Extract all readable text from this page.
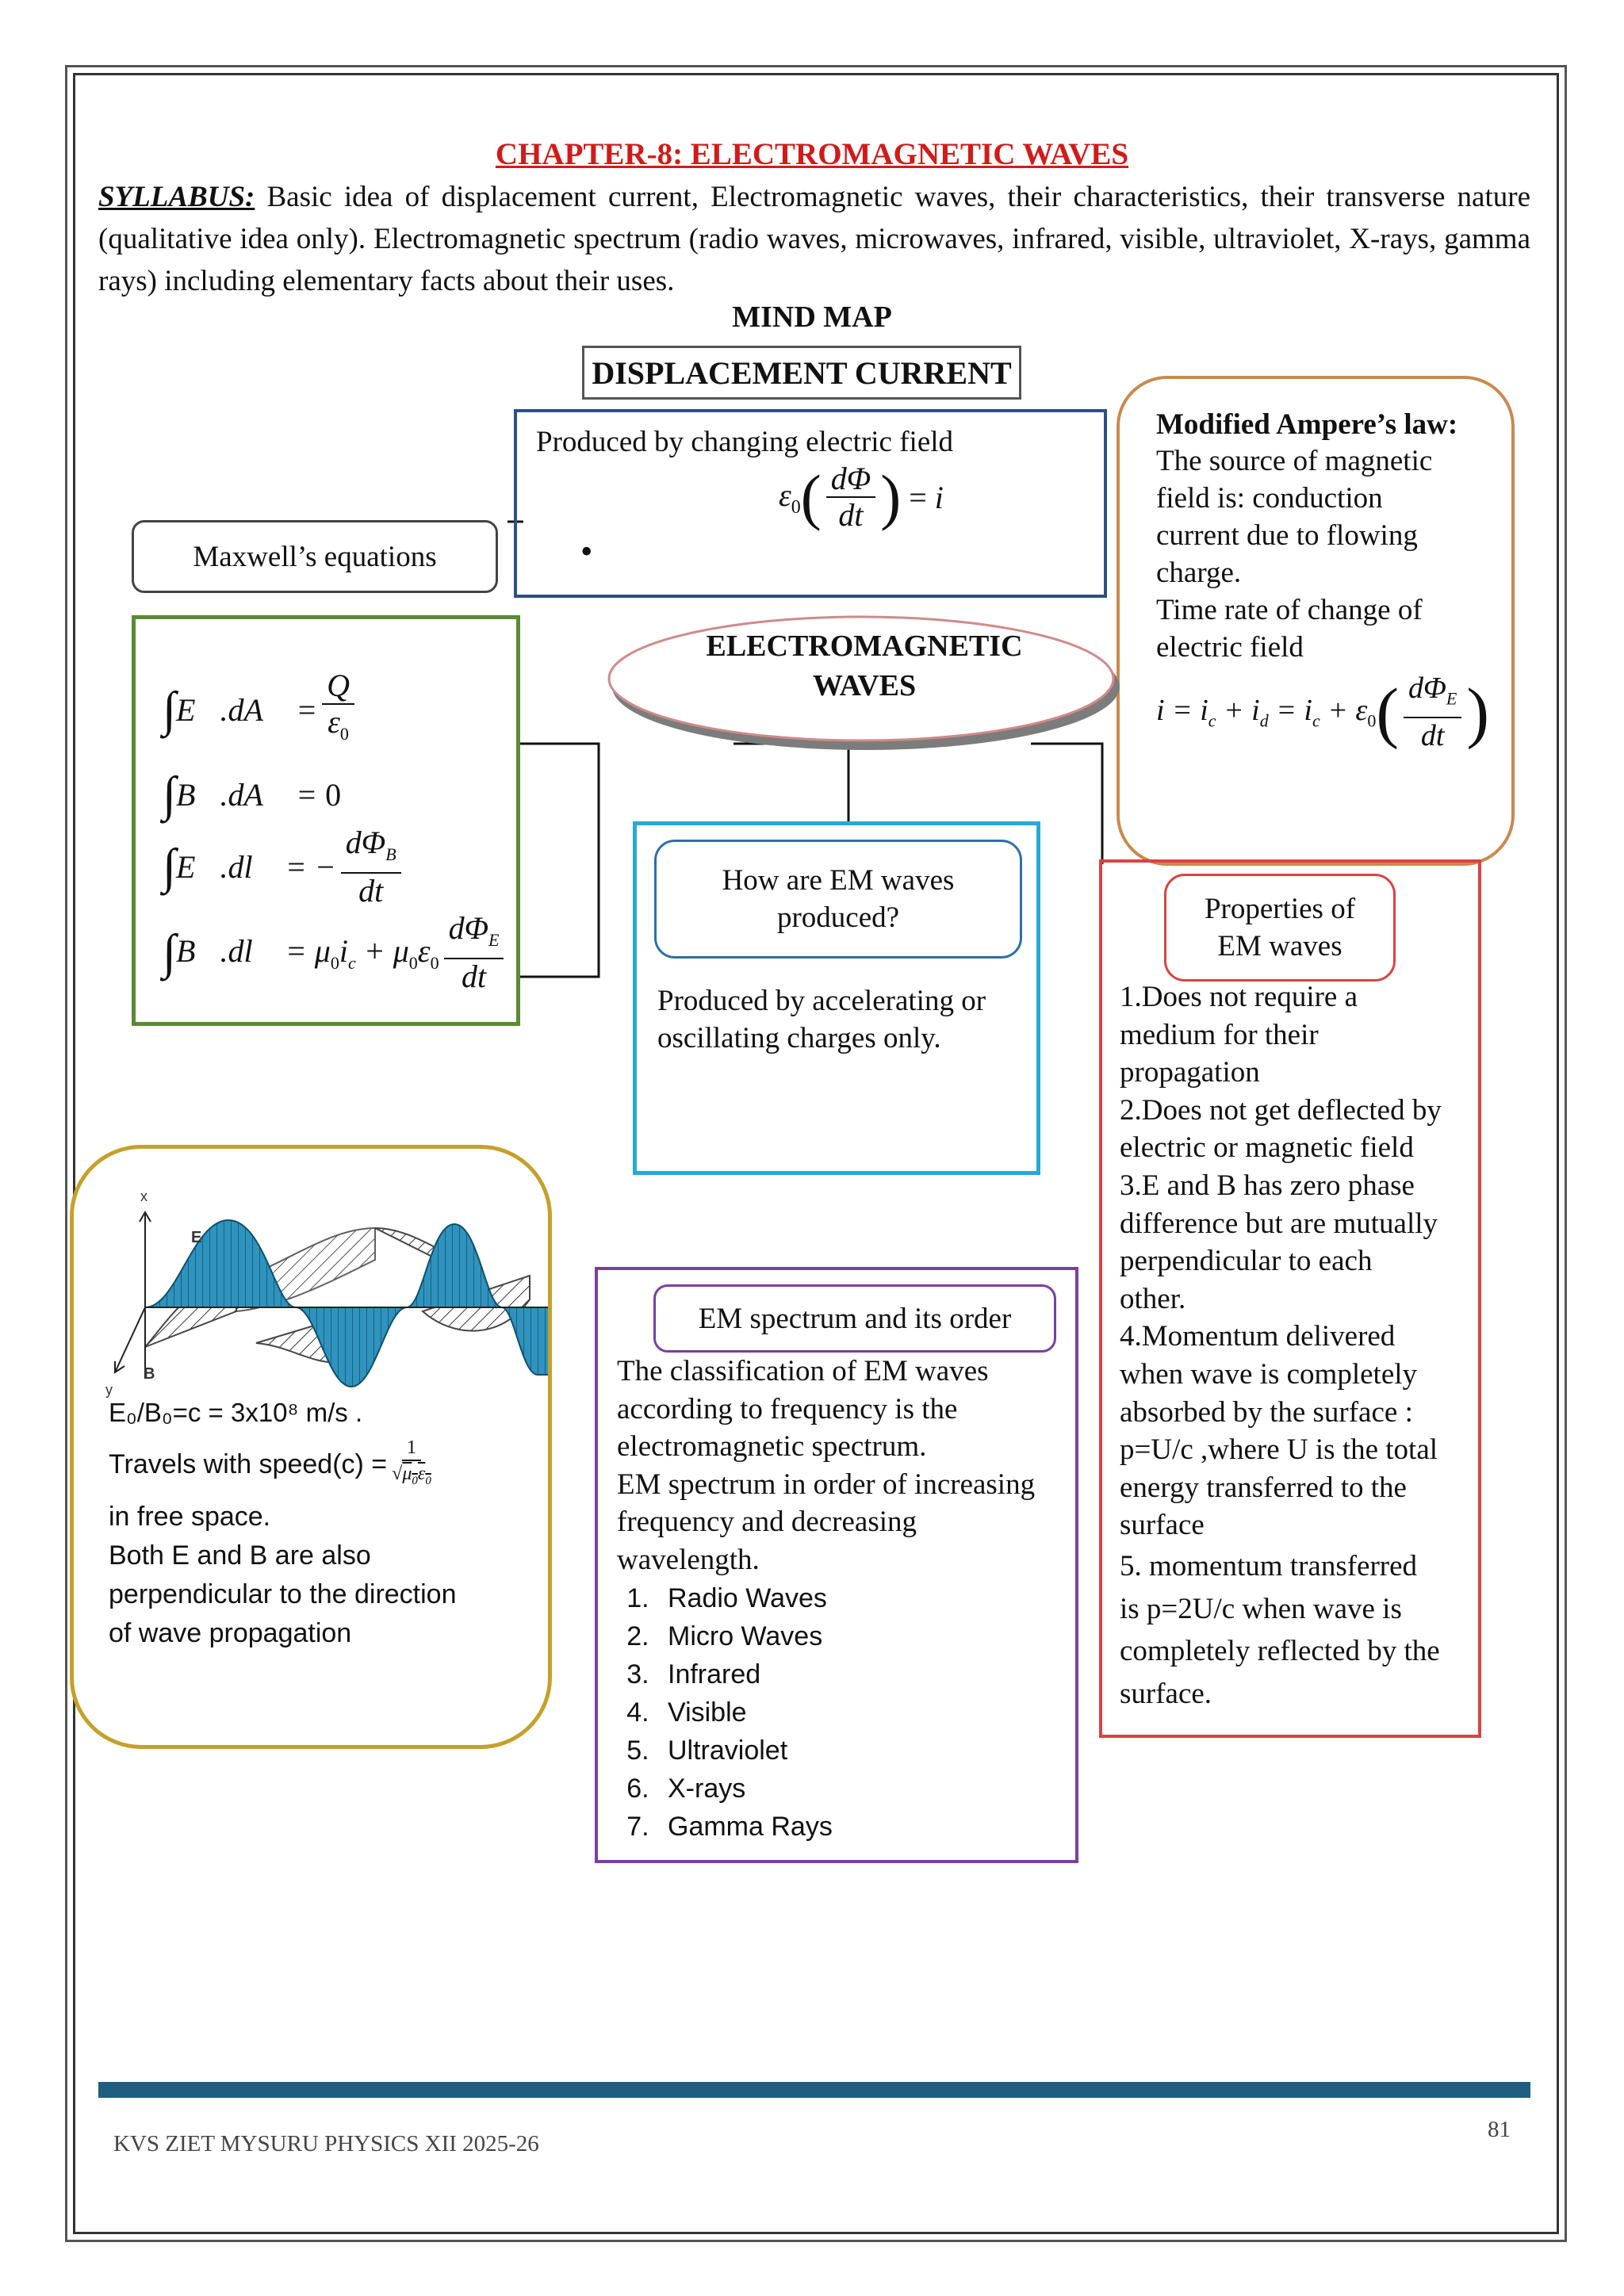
CHAPTER-8: ELECTROMAGNETIC WAVES
SYLLABUS: Basic idea of displacement current, Electromagnetic waves, their characteristics, their transverse nature (qualitative idea only). Electromagnetic spectrum (radio waves, microwaves, infrared, visible, ultraviolet, X-rays, gamma rays) including elementary facts about their uses.
MIND MAP
DISPLACEMENT CURRENT
Produced by changing electric field
$\varepsilon_0$ ( $\frac{d\Phi}{dt}$ ) = i
•
Modified Ampere’s law:
The source of magnetic
field is: conduction
current due to flowing
charge.
Time rate of change of
electric field
$i = i_c + i_d = i_c + \varepsilon_0$ ( $\frac{d\Phi_E}{dt}$ )
Maxwell’s equations
∫ E⃗.dA⃗ = $\frac{Q}{\varepsilon_0}$
∫ B⃗.dA⃗ = 0
∫ E⃗.dl⃗ = − $\frac{d\Phi_B}{dt}$
∫ B⃗.dl⃗ = $\mu_0i_c + \mu_0\varepsilon_0 \frac{d\Phi_E}{dt}$
ELECTROMAGNETIC
WAVES
How are EM waves
produced?
Produced by accelerating or
oscillating charges only.
Properties of
EM waves
1.Does not require a
medium for their
propagation
2.Does not get deflected by
electric or magnetic field
3.E and B has zero phase
difference but are mutually
perpendicular to each
other.
4.Momentum delivered
when wave is completely
absorbed by the surface :
p=U/c ,where U is the total
energy transferred to the
surface
5. momentum transferred
is p=2U/c when wave is
completely reflected by the
surface.
x
y
E
B
E₀/B₀=c = 3x10⁸ m/s .
Travels with speed(c) = $\frac{1}{√\mu_0\varepsilon_0}$
in free space.
Both E and B are also
perpendicular to the direction
of wave propagation
EM spectrum and its order
The classification of EM waves
according to frequency is the
electromagnetic spectrum.
EM spectrum in order of increasing
frequency and decreasing
wavelength.
1. Radio Waves
2. Micro Waves
3. Infrared
4. Visible
5. Ultraviolet
6. X-rays
7. Gamma Rays
KVS ZIET MYSURU PHYSICS XII 2025-26
81
